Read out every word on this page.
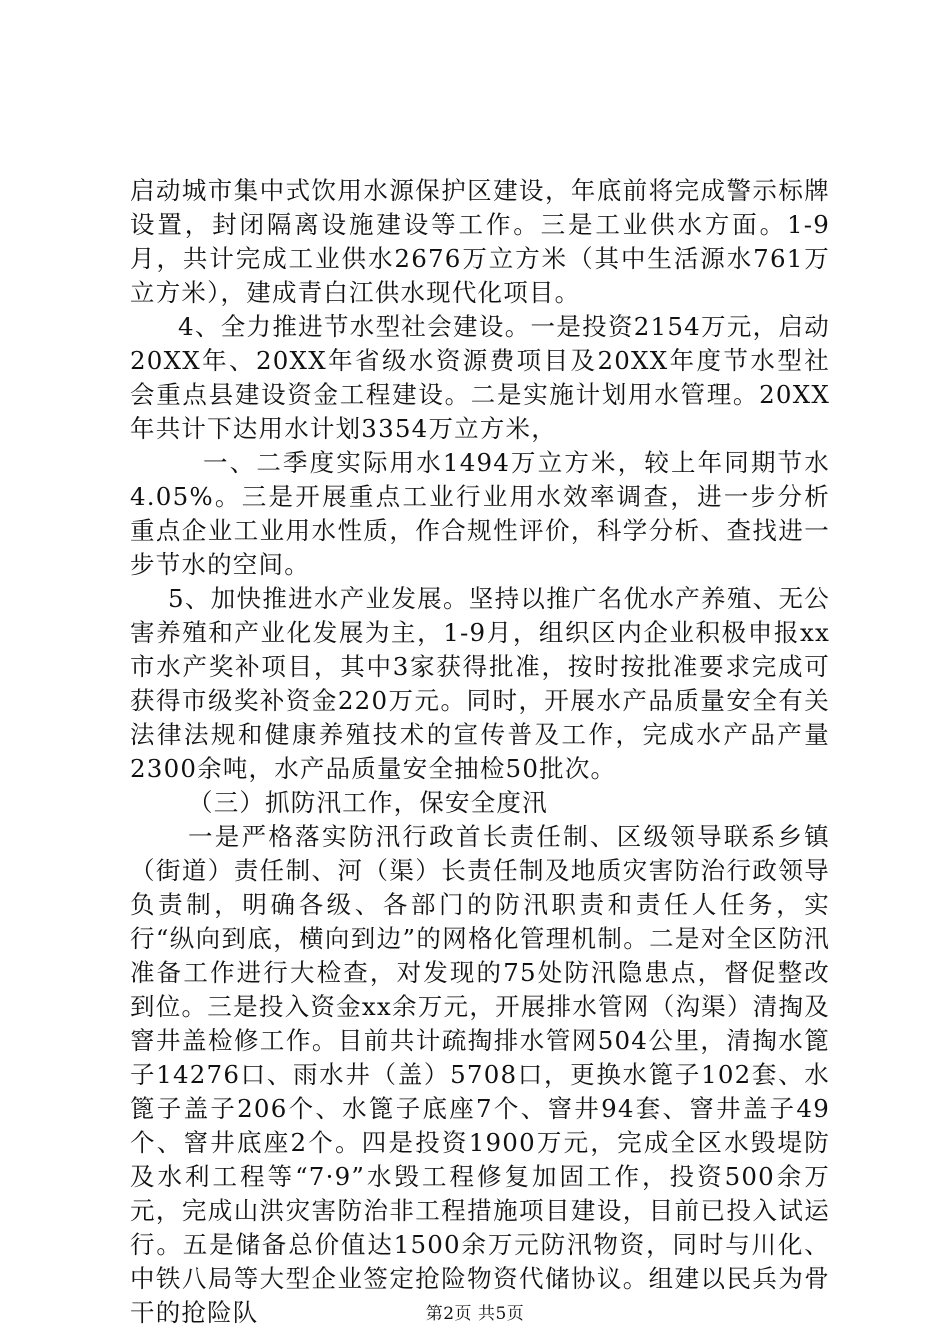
启动城市集中式饮用水源保护区建设，年底前将完成警示标牌设置，封闭隔离设施建设等工作。三是工业供水方面。1-9月，共计完成工业供水2676万立方米（其中生活源水761万立方米），建成青白江供水现代化项目。

4、全力推进节水型社会建设。一是投资2154万元，启动20XX年、20XX年省级水资源费项目及20XX年度节水型社会重点县建设资金工程建设。二是实施计划用水管理。20XX年共计下达用水计划3354万立方米，

一、二季度实际用水1494万立方米，较上年同期节水4.05%。三是开展重点工业行业用水效率调查，进一步分析重点企业工业用水性质，作合规性评价，科学分析、查找进一步节水的空间。

5、加快推进水产业发展。坚持以推广名优水产养殖、无公害养殖和产业化发展为主，1-9月，组织区内企业积极申报xx市水产奖补项目，其中3家获得批准，按时按批准要求完成可获得市级奖补资金220万元。同时，开展水产品质量安全有关法律法规和健康养殖技术的宣传普及工作，完成水产品产量2300余吨，水产品质量安全抽检50批次。

（三）抓防汛工作，保安全度汛

一是严格落实防汛行政首长责任制、区级领导联系乡镇（街道）责任制、河（渠）长责任制及地质灾害防治行政领导负责制，明确各级、各部门的防汛职责和责任人任务，实行“纵向到底，横向到边”的网格化管理机制。二是对全区防汛准备工作进行大检查，对发现的75处防汛隐患点，督促整改到位。三是投入资金xx余万元，开展排水管网（沟渠）清掏及窨井盖检修工作。目前共计疏掏排水管网504公里，清掏水篦子14276口、雨水井（盖）5708口，更换水篦子102套、水篦子盖子206个、水篦子底座7个、窨井94套、窨井盖子49个、窨井底座2个。四是投资1900万元，完成全区水毁堤防及水利工程等“7·9”水毁工程修复加固工作，投资500余万元，完成山洪灾害防治非工程措施项目建设，目前已投入试运行。五是储备总价值达1500余万元防汛物资，同时与川化、中铁八局等大型企业签定抢险物资代储协议。组建以民兵为骨干的抢险队	第2页 共5页
